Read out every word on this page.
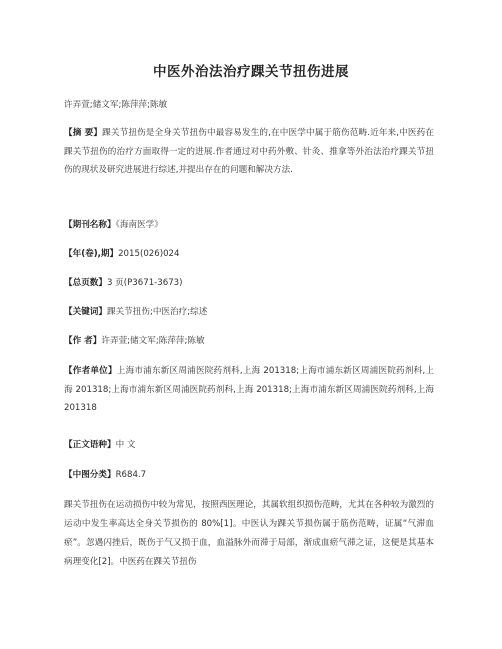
中医外治法治疗踝关节扭伤进展

许弄萱;储文军;陈萍萍;陈敏

【摘 要】踝关节扭伤是全身关节扭伤中最容易发生的,在中医学中属于筋伤范畴.近年来,中医药在踝关节扭伤的治疗方面取得一定的进展.作者通过对中药外敷、针灸、推拿等外治法治疗踝关节扭伤的现状及研究进展进行综述,并提出存在的问题和解决方法.

【期刊名称】《海南医学》

【年(卷),期】2015(026)024

【总页数】3 页(P3671-3673)

【关键词】踝关节扭伤;中医治疗;综述

【作 者】许弄萱;储文军;陈萍萍;陈敏

【作者单位】上海市浦东新区周浦医院药剂科,上海 201318;上海市浦东新区周浦医院药剂科,上海 201318;上海市浦东新区周浦医院药剂科,上海 201318;上海市浦东新区周浦医院药剂科,上海 201318

【正文语种】中 文

【中图分类】R684.7

踝关节扭伤在运动损伤中较为常见，按照西医理论，其属软组织损伤范畴，尤其在各种较为激烈的运动中发生率高达全身关节损伤的 80%[1]。中医认为踝关节损伤属于筋伤范畴，证属“气滞血瘀”。忽遇闪挫后，既伤于气又损于血，血溢脉外而滞于局部，渐成血瘀气滞之证，这便是其基本病理变化[2]。中医药在踝关节扭伤
